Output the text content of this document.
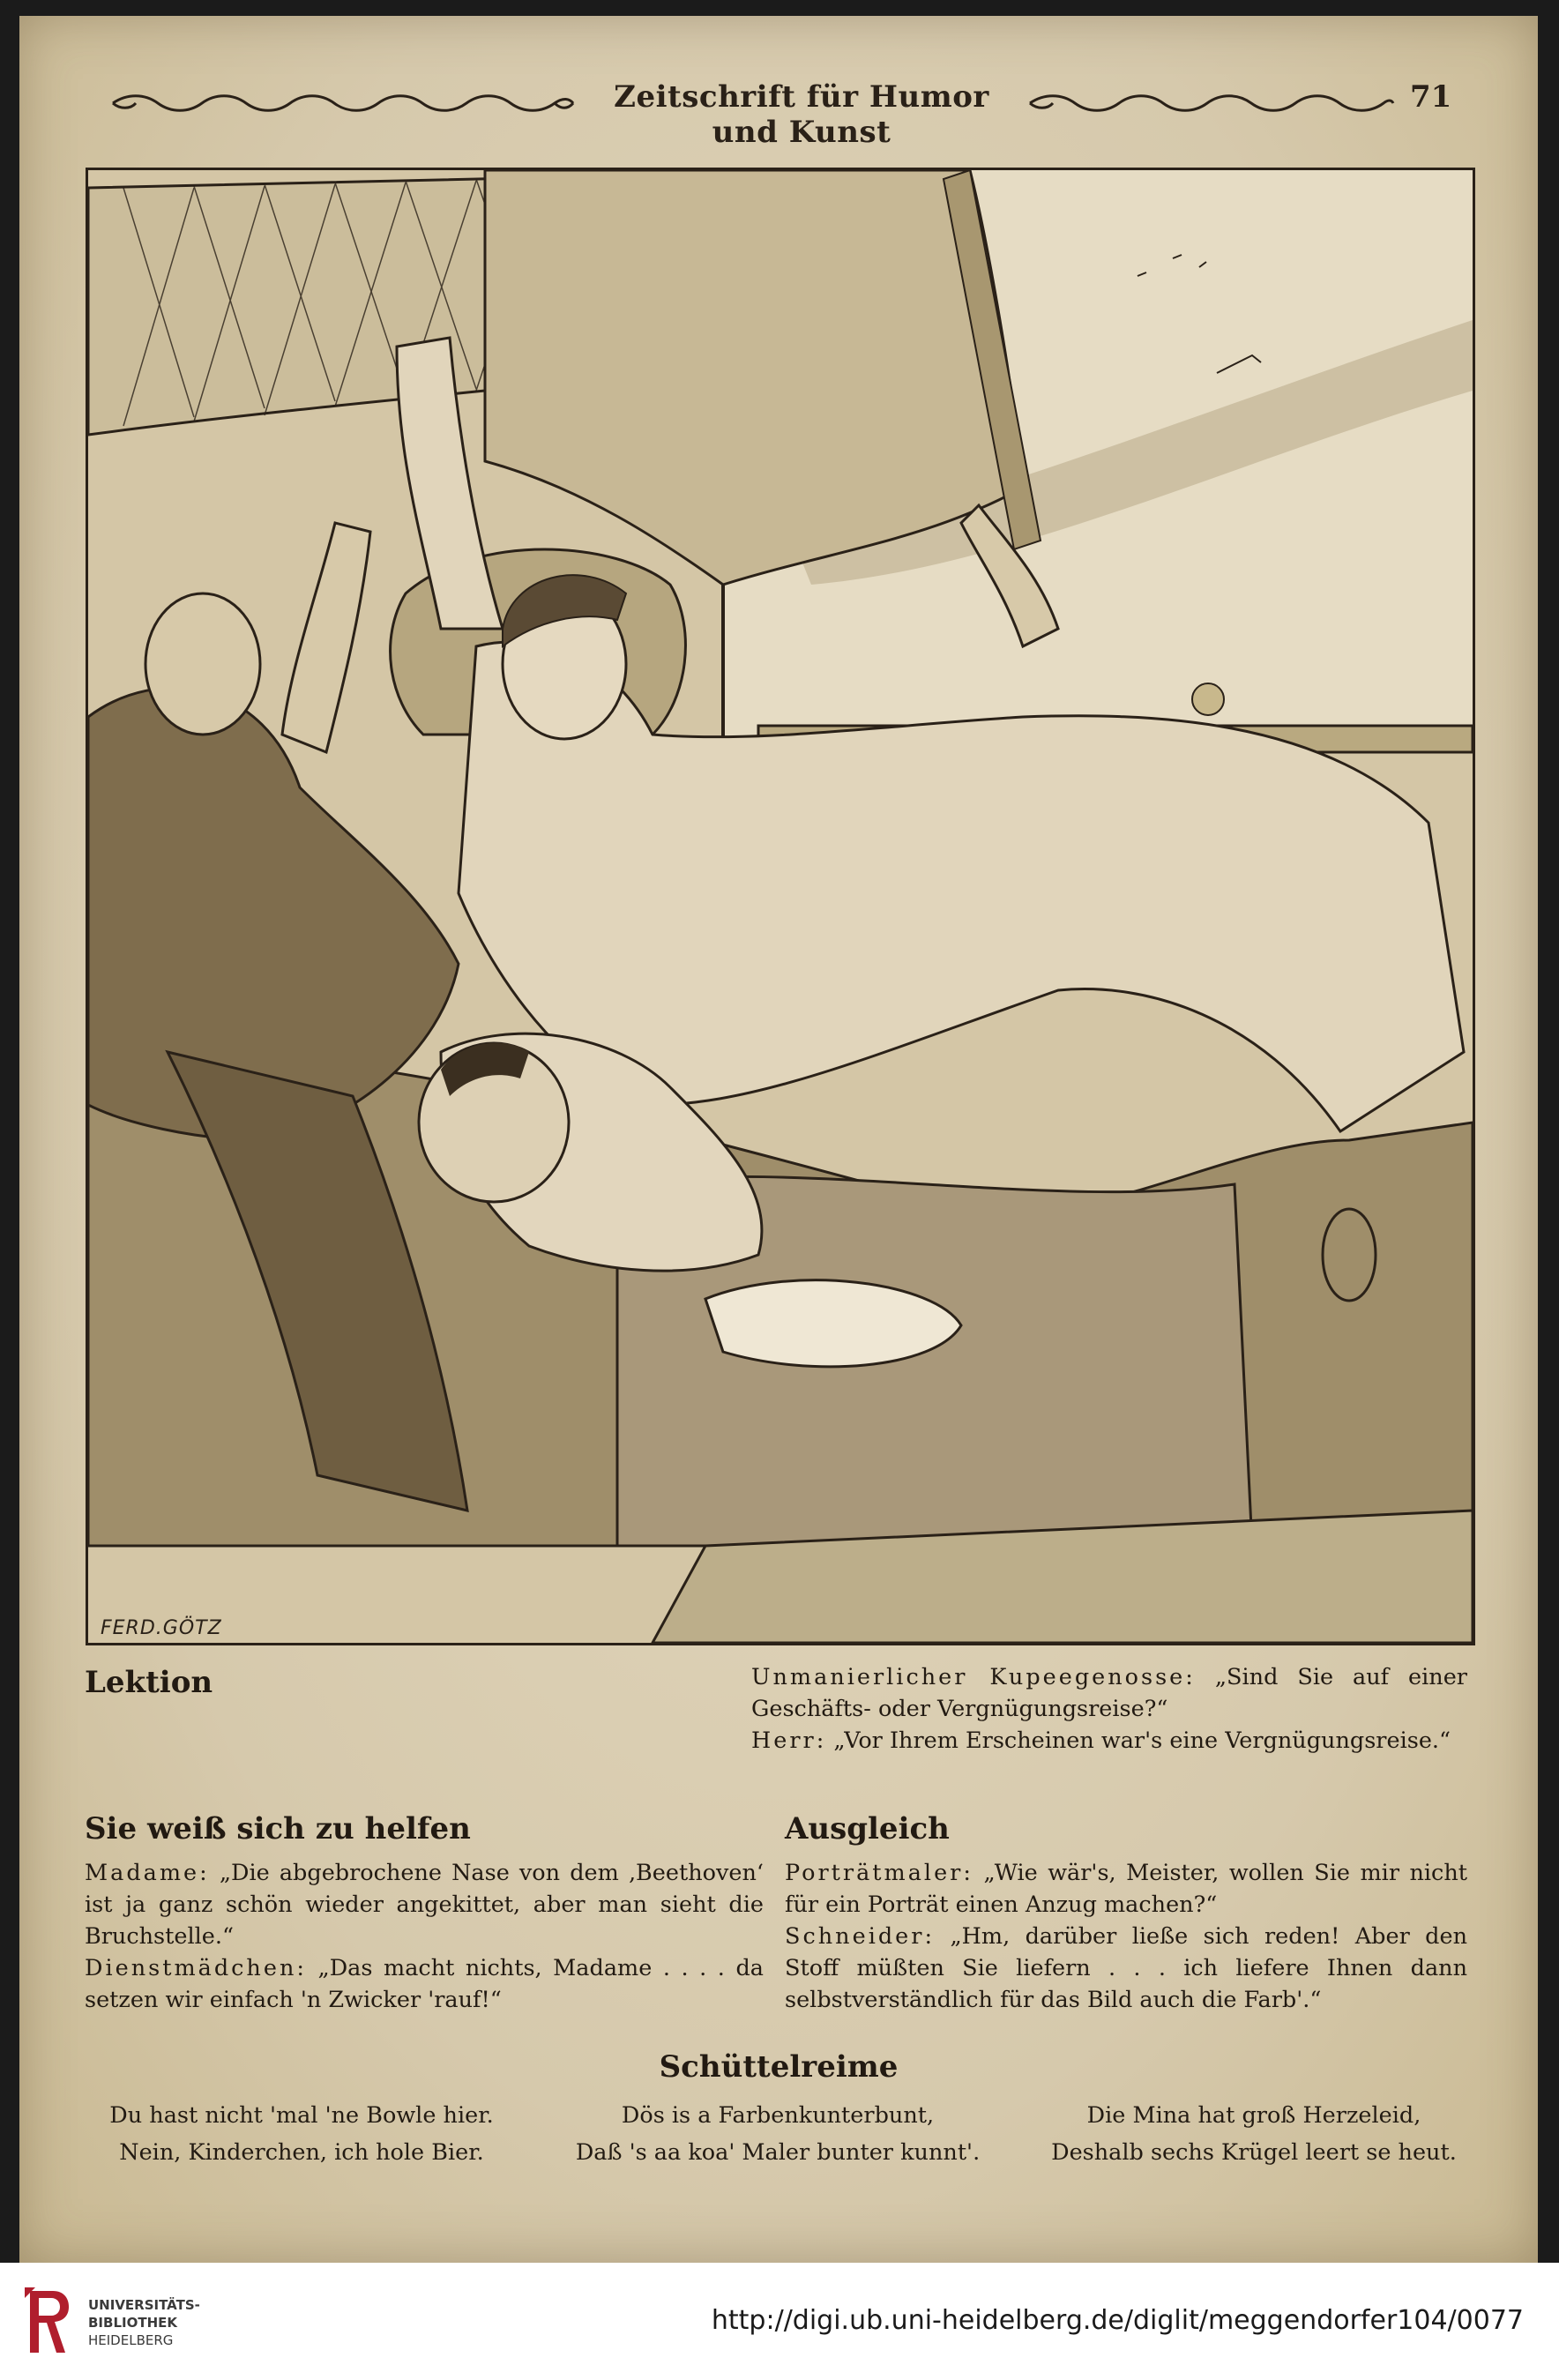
Zeitschrift für Humor und Kunst
71
FERD.GÖTZ
Lektion	Unmanierlicher Kupeegenosse: „Sind Sie auf einer Geschäfts- oder Vergnügungsreise?“
Herr: „Vor Ihrem Erscheinen war's eine Vergnügungsreise.“
Sie weiß sich zu helfen
Madame: „Die abgebrochene Nase von dem ‚Beethoven‘ ist ja ganz schön wieder angekittet, aber man sieht die Bruchstelle.“
Dienstmädchen: „Das macht nichts, Madame . . . . da setzen wir einfach 'n Zwicker 'rauf!“
Ausgleich
Porträtmaler: „Wie wär's, Meister, wollen Sie mir nicht für ein Porträt einen Anzug machen?“
Schneider: „Hm, darüber ließe sich reden! Aber den Stoff müßten Sie liefern . . . ich liefere Ihnen dann selbstverständlich für das Bild auch die Farb'.“
Schüttelreime
Du hast nicht 'mal 'ne Bowle hier.
Nein, Kinderchen, ich hole Bier.
Dös is a Farbenkunterbunt,
Daß 's aa koa' Maler bunter kunnt'.
Die Mina hat groß Herzeleid,
Deshalb sechs Krügel leert se heut.
UNIVERSITÄTS-
BIBLIOTHEK
HEIDELBERG
http://digi.ub.uni-heidelberg.de/diglit/meggendorfer104/0077
